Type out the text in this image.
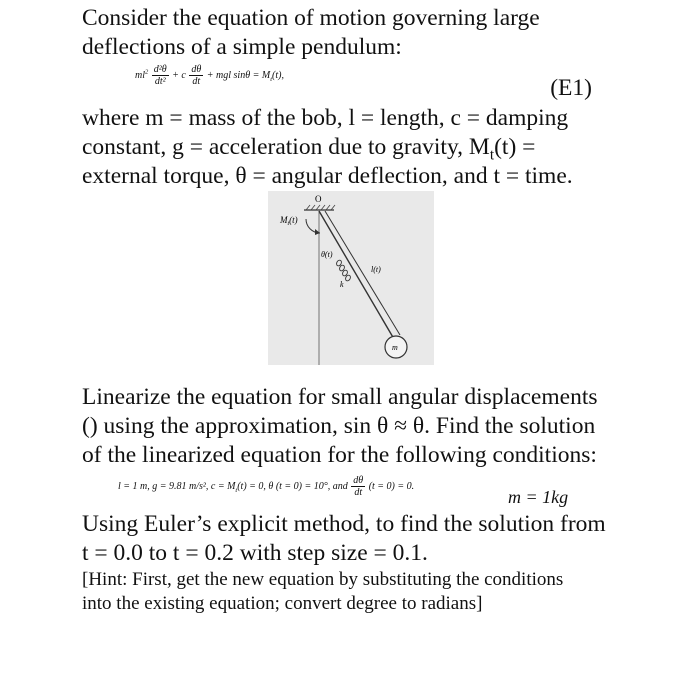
Consider the equation of motion governing large
deflections of a simple pendulum:
$ml^2 \frac{\text{d²θ}}{\text{dt²}} + c \frac{d\theta}{dt}$ + mgl $\sin\theta = M_t(t)$,	(E1)
where m = mass of the bob, l = length, c = damping
constant, g = acceleration due to gravity, $M_t(t)$ =
external torque, θ = angular deflection, and t = time.
O
$M_t(t)$
θ(t)
k
l(t)
m
Linearize the equation for small angular displacements
() using the approximation, sin θ ≈ θ. Find the solution
of the linearized equation for the following conditions:
l = 1 m, g = 9.81 m/s², $c = M_t(t) = 0$, θ (t = 0) = 10°, and $\frac{d\theta}{dt} (t = 0) = 0$.
m = 1kg
Using Euler’s explicit method, to find the solution from
t = 0.0 to t = 0.2 with step size = 0.1.
[Hint: First, get the new equation by substituting the conditions
into the existing equation; convert degree to radians]
